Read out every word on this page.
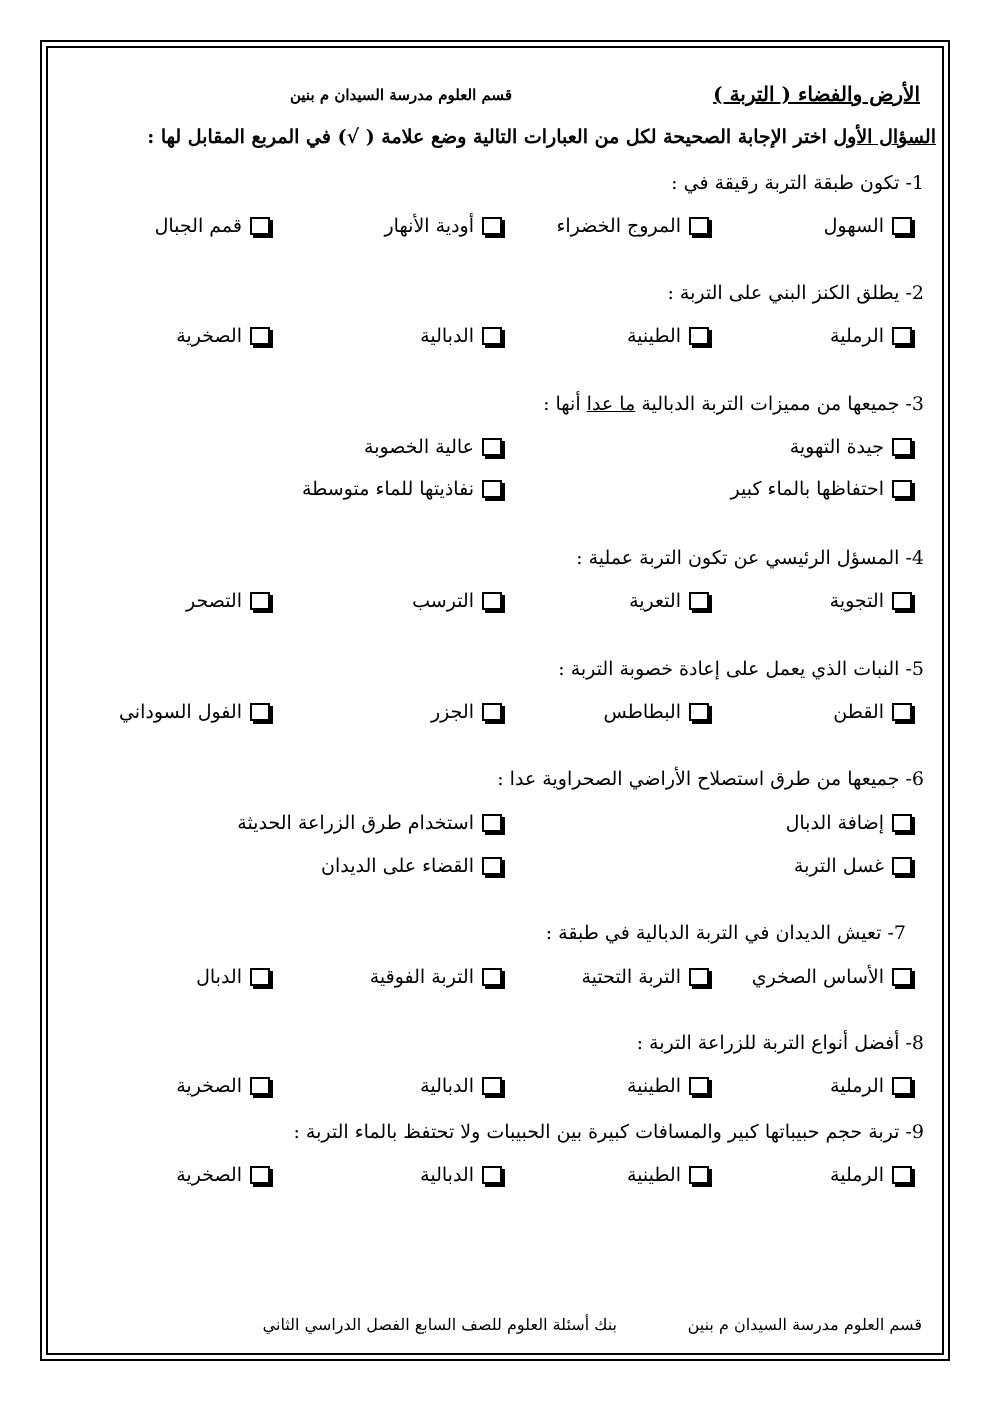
الأرض والفضاء ( التربة )
قسم العلوم مدرسة السيدان م بنين
السؤال الأول اختر الإجابة الصحيحة لكل من العبارات التالية وضع علامة ( √) في المربع المقابل لها :
1- تكون طبقة التربة رقيقة في :
السهول
المروج الخضراء
أودية الأنهار
قمم الجبال
2- يطلق الكنز البني على التربة :
الرملية
الطينية
الدبالية
الصخرية
3- جميعها من مميزات التربة الدبالية ما عدا أنها :
جيدة التهوية
عالية الخصوبة
احتفاظها بالماء كبير
نفاذيتها للماء متوسطة
4- المسؤل الرئيسي عن تكون التربة عملية :
التجوية
التعرية
الترسب
التصحر
5- النبات الذي يعمل على إعادة خصوبة التربة :
القطن
البطاطس
الجزر
الفول السوداني
6- جميعها من طرق استصلاح الأراضي الصحراوية عدا :
إضافة الدبال
استخدام طرق الزراعة الحديثة
غسل التربة
القضاء على الديدان
7- تعيش الديدان في التربة الدبالية في طبقة :
الأساس الصخري
التربة التحتية
التربة الفوقية
الدبال
8- أفضل أنواع التربة للزراعة التربة :
الرملية
الطينية
الدبالية
الصخرية
9- تربة حجم حبيباتها كبير والمسافات كبيرة بين الحبيبات ولا تحتفظ بالماء التربة :
الرملية
الطينية
الدبالية
الصخرية
قسم العلوم مدرسة السيدان م بنين
بنك أسئلة العلوم للصف السابع الفصل الدراسي الثاني
